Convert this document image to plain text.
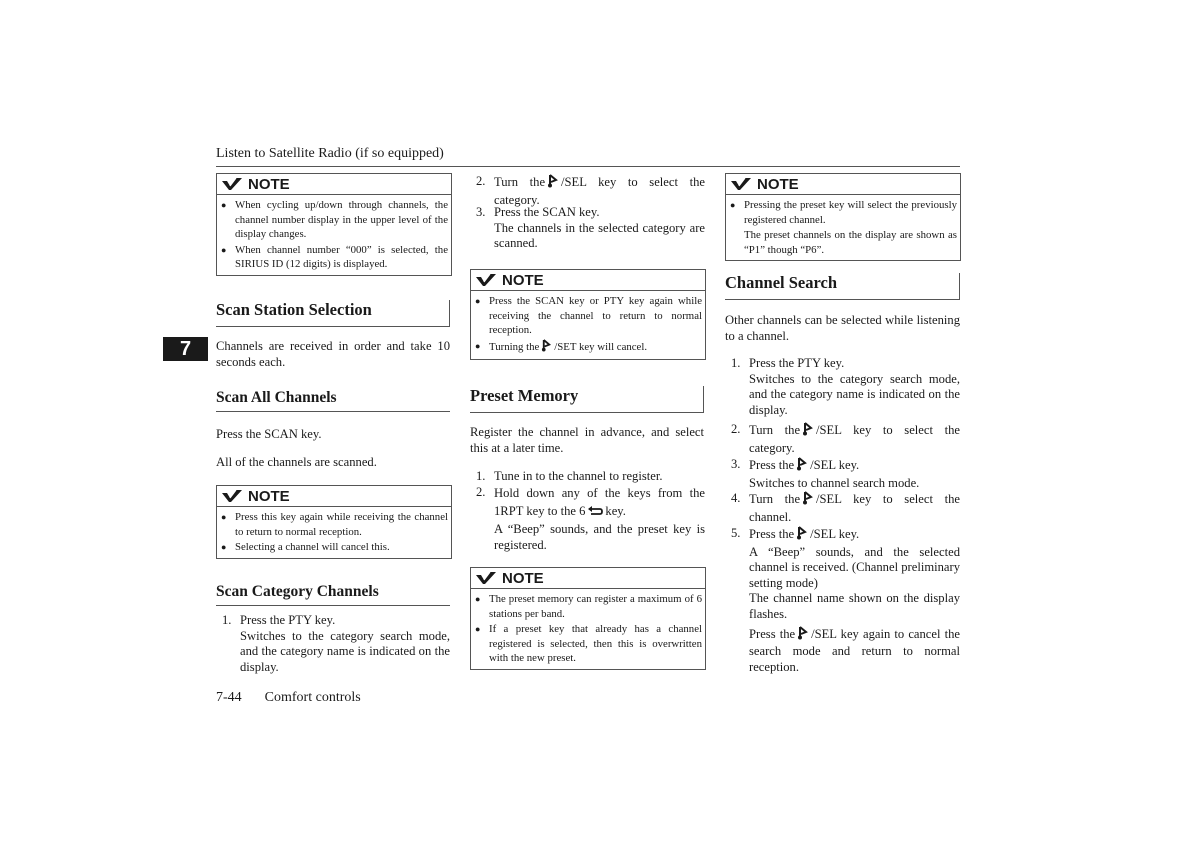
Listen to Satellite Radio (if so equipped)
7
NOTE
● When cycling up/down through channels, the channel number display in the upper level of the display changes.
● When channel number “000” is selected, the SIRIUS ID (12 digits) is displayed.
Scan Station Selection
Channels are received in order and take 10 seconds each.
Scan All Channels
Press the SCAN key.
All of the channels are scanned.
NOTE
● Press this key again while receiving the channel to return to normal reception.
● Selecting a channel will cancel this.
Scan Category Channels
1. Press the PTY key.
Switches to the category search mode, and the category name is indicated on the display.
2. Turn the /SEL key to select the category.
3. Press the SCAN key.
The channels in the selected category are scanned.
NOTE
● Press the SCAN key or PTY key again while receiving the channel to return to normal reception.
● Turning the /SET key will cancel.
Preset Memory
Register the channel in advance, and select this at a later time.
1. Tune in to the channel to register.
2. Hold down any of the keys from the 1RPT key to the 6 key.
A “Beep” sounds, and the preset key is registered.
NOTE
● The preset memory can register a maximum of 6 stations per band.
● If a preset key that already has a channel registered is selected, then this is overwritten with the new preset.
NOTE
● Pressing the preset key will select the previously registered channel.
The preset channels on the display are shown as “P1” though “P6”.
Channel Search
Other channels can be selected while listening to a channel.
1. Press the PTY key.
Switches to the category search mode, and the category name is indicated on the display.
2. Turn the /SEL key to select the category.
3. Press the /SEL key.
Switches to channel search mode.
4. Turn the /SEL key to select the channel.
5. Press the /SEL key.
A “Beep” sounds, and the selected channel is received. (Channel preliminary setting mode)
The channel name shown on the display flashes.
Press the /SEL key again to cancel the search mode and return to normal reception.
7-44 Comfort controls
